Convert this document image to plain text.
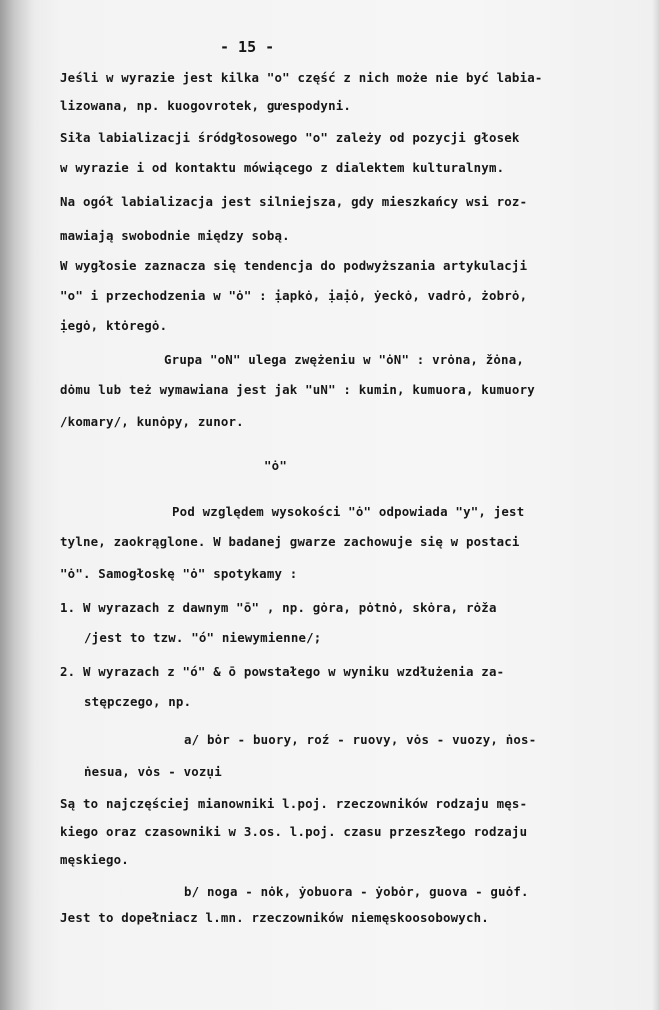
- 15 -

Jeśli w wyrazie jest kilka "o" część z nich może nie być labia-

lizowana, np. kuogovrotek, gưespodyni.

Siła labializacji śródgłosowego "o" zależy od pozycji głosek

w wyrazie i od kontaktu mówiącego z dialektem kulturalnym.

Na ogół labializacja jest silniejsza, gdy mieszkańcy wsi roz-

mawiają swobodnie między sobą.

W wygłosie zaznacza się tendencja do podwyższania artykulacji

"o" i przechodzenia w "ȯ" : ịapkȯ, ịaịȯ, ẏeckȯ, vadrȯ, żobrȯ,

ịegȯ, ktȯregȯ.

Grupa "oN" ulega zwężeniu w "ȯN" : vrȯna, žȯna,

dȯmu lub też wymawiana jest jak "uN" : kumin, kumuora, kumuory

/komary/, kunȯpy, zunor.

"ȯ"

Pod względem wysokości "ȯ" odpowiada "y", jest

tylne, zaokrąglone. W badanej gwarze zachowuje się w postaci

"ȯ". Samogłoskę "ȯ" spotykamy :

1. W wyrazach z dawnym "ō" , np. gȯra, pȯtnȯ, skȯra, rȯža

/jest to tzw. "ó" niewymienne/;

2. W wyrazach z "ó" & ō powstałego w wyniku wzdłużenia za-

stępczego, np.

a/ bȯr - buory, roź - ruovy, vȯs - vuozy, ṅos-

ṅesua, vȯs - vozụi

Są to najczęściej mianowniki l.poj. rzeczowników rodzaju męs-

kiego oraz czasowniki w 3.os. l.poj. czasu przeszłego rodzaju

męskiego.

b/ noga - nȯk, ẏobuora - ẏobȯr, guova - guȯf.

Jest to dopełniacz l.mn. rzeczowników niemęskoosobowych.
